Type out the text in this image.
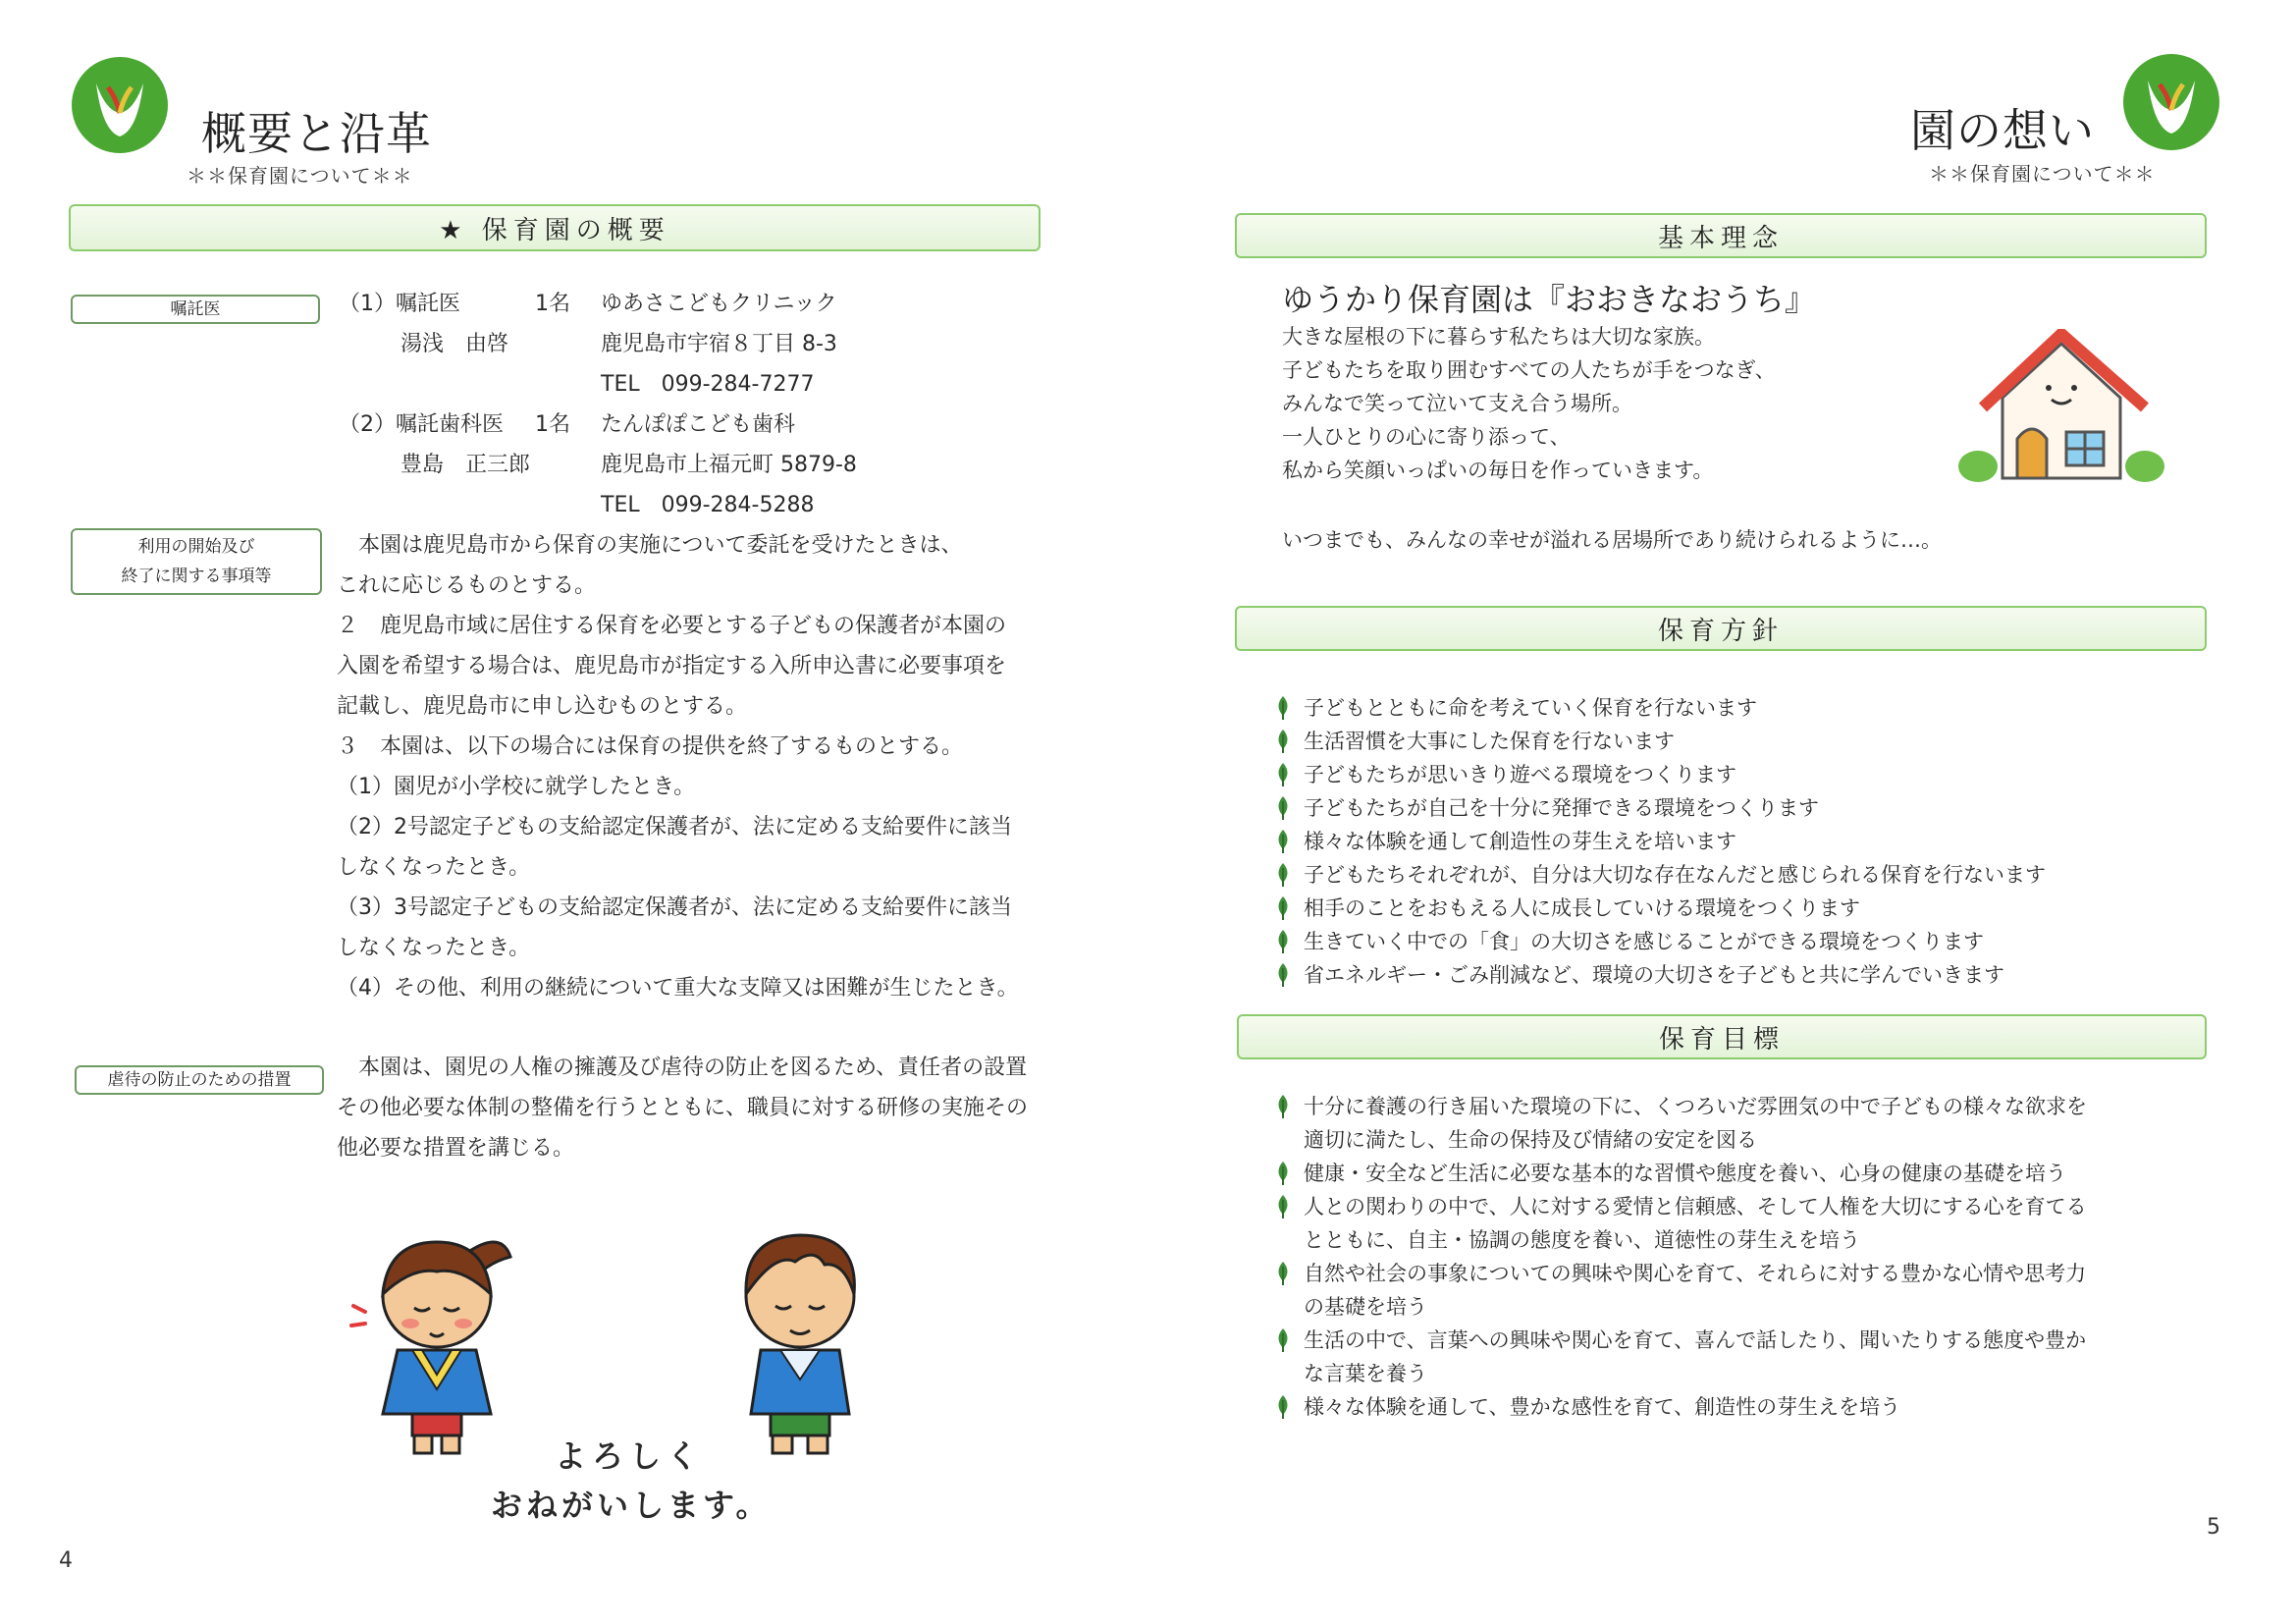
概要と沿革
＊＊保育園について＊＊
★ 保育園の概要
嘱託医	（1）嘱託医	1名 ゆあさこどもクリニック
湯浅　由啓	鹿児島市宇宿８丁目 8-3
TEL　099-284-7277
（2）嘱託歯科医 1名 たんぽぽこども歯科
豊島　正三郎	鹿児島市上福元町 5879-8
TEL　099-284-5288
利用の開始及び
終了に関する事項等
　本園は鹿児島市から保育の実施について委託を受けたときは、
これに応じるものとする。
２　鹿児島市域に居住する保育を必要とする子どもの保護者が本園の
入園を希望する場合は、鹿児島市が指定する入所申込書に必要事項を
記載し、鹿児島市に申し込むものとする。
３　本園は、以下の場合には保育の提供を終了するものとする。
（1）園児が小学校に就学したとき。
（2）2号認定子どもの支給認定保護者が、法に定める支給要件に該当
しなくなったとき。
（3）3号認定子どもの支給認定保護者が、法に定める支給要件に該当
しなくなったとき。
（4）その他、利用の継続について重大な支障又は困難が生じたとき。
虐待の防止のための措置	　本園は、園児の人権の擁護及び虐待の防止を図るため、責任者の設置
その他必要な体制の整備を行うとともに、職員に対する研修の実施その
他必要な措置を講じる。
よろしく
おねがいします。
4
園の想い
＊＊保育園について＊＊
基本理念
ゆうかり保育園は『おおきなおうち』
大きな屋根の下に暮らす私たちは大切な家族。
子どもたちを取り囲むすべての人たちが手をつなぎ、
みんなで笑って泣いて支え合う場所。
一人ひとりの心に寄り添って、
私から笑顔いっぱいの毎日を作っていきます。
いつまでも、みんなの幸せが溢れる居場所であり続けられるように…。
保育方針
子どもとともに命を考えていく保育を行ないます
生活習慣を大事にした保育を行ないます
子どもたちが思いきり遊べる環境をつくります
子どもたちが自己を十分に発揮できる環境をつくります
様々な体験を通して創造性の芽生えを培います
子どもたちそれぞれが、自分は大切な存在なんだと感じられる保育を行ないます
相手のことをおもえる人に成長していける環境をつくります
生きていく中での「食」の大切さを感じることができる環境をつくります
省エネルギー・ごみ削減など、環境の大切さを子どもと共に学んでいきます
保育目標
十分に養護の行き届いた環境の下に、くつろいだ雰囲気の中で子どもの様々な欲求を
適切に満たし、生命の保持及び情緒の安定を図る
健康・安全など生活に必要な基本的な習慣や態度を養い、心身の健康の基礎を培う
人との関わりの中で、人に対する愛情と信頼感、そして人権を大切にする心を育てる
とともに、自主・協調の態度を養い、道徳性の芽生えを培う
自然や社会の事象についての興味や関心を育て、それらに対する豊かな心情や思考力
の基礎を培う
生活の中で、言葉への興味や関心を育て、喜んで話したり、聞いたりする態度や豊か
な言葉を養う
様々な体験を通して、豊かな感性を育て、創造性の芽生えを培う
5
